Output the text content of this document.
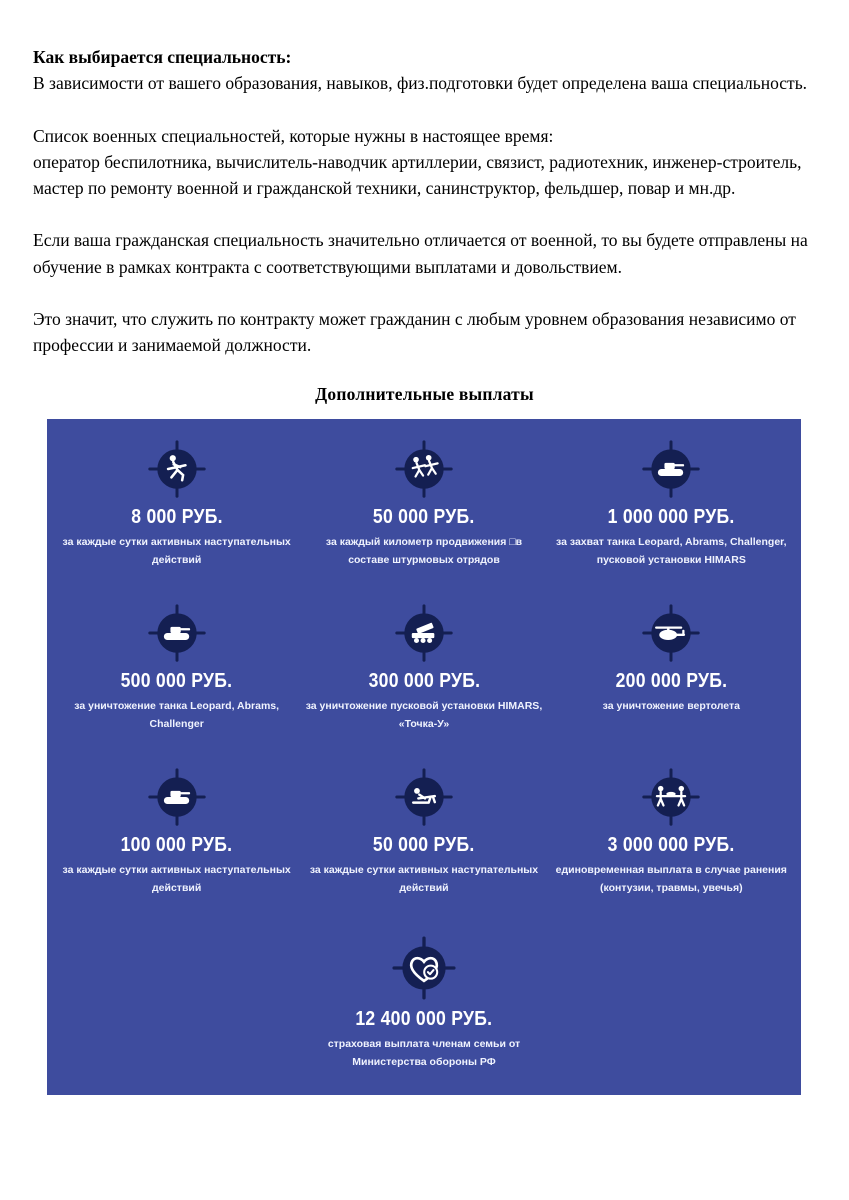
Как выбирается специальность:
В зависимости от вашего образования, навыков, физ.подготовки будет определена ваша специальность.

Список военных специальностей, которые нужны в настоящее время:
оператор беспилотника, вычислитель-наводчик артиллерии, связист, радиотехник, инженер-строитель, мастер по ремонту военной и гражданской техники, санинструктор, фельдшер, повар и мн.др.

Если ваша гражданская специальность значительно отличается от военной, то вы будете отправлены на обучение в рамках контракта с соответствующими выплатами и довольствием.

Это значит, что служить по контракту может гражданин с любым уровнем образования независимо от профессии и занимаемой должности.

Дополнительные выплаты
8 000 РУБ.
за каждые сутки активных наступательных действий
50 000 РУБ.
за каждый километр продвижения □в составе штурмовых отрядов
1 000 000 РУБ.
за захват танка Leopard, Abrams, Challenger, пусковой установки HIMARS
500 000 РУБ.
за уничтожение танка Leopard, Abrams, Challenger
300 000 РУБ.
за уничтожение пусковой установки HIMARS, «Точка-У»
200 000 РУБ.
за уничтожение вертолета
100 000 РУБ.
за каждые сутки активных наступательных действий
50 000 РУБ.
за каждые сутки активных наступательных действий
3 000 000 РУБ.
единовременная выплата в случае ранения (контузии, травмы, увечья)
12 400 000 РУБ.
страховая выплата членам семьи от Министерства обороны РФ
